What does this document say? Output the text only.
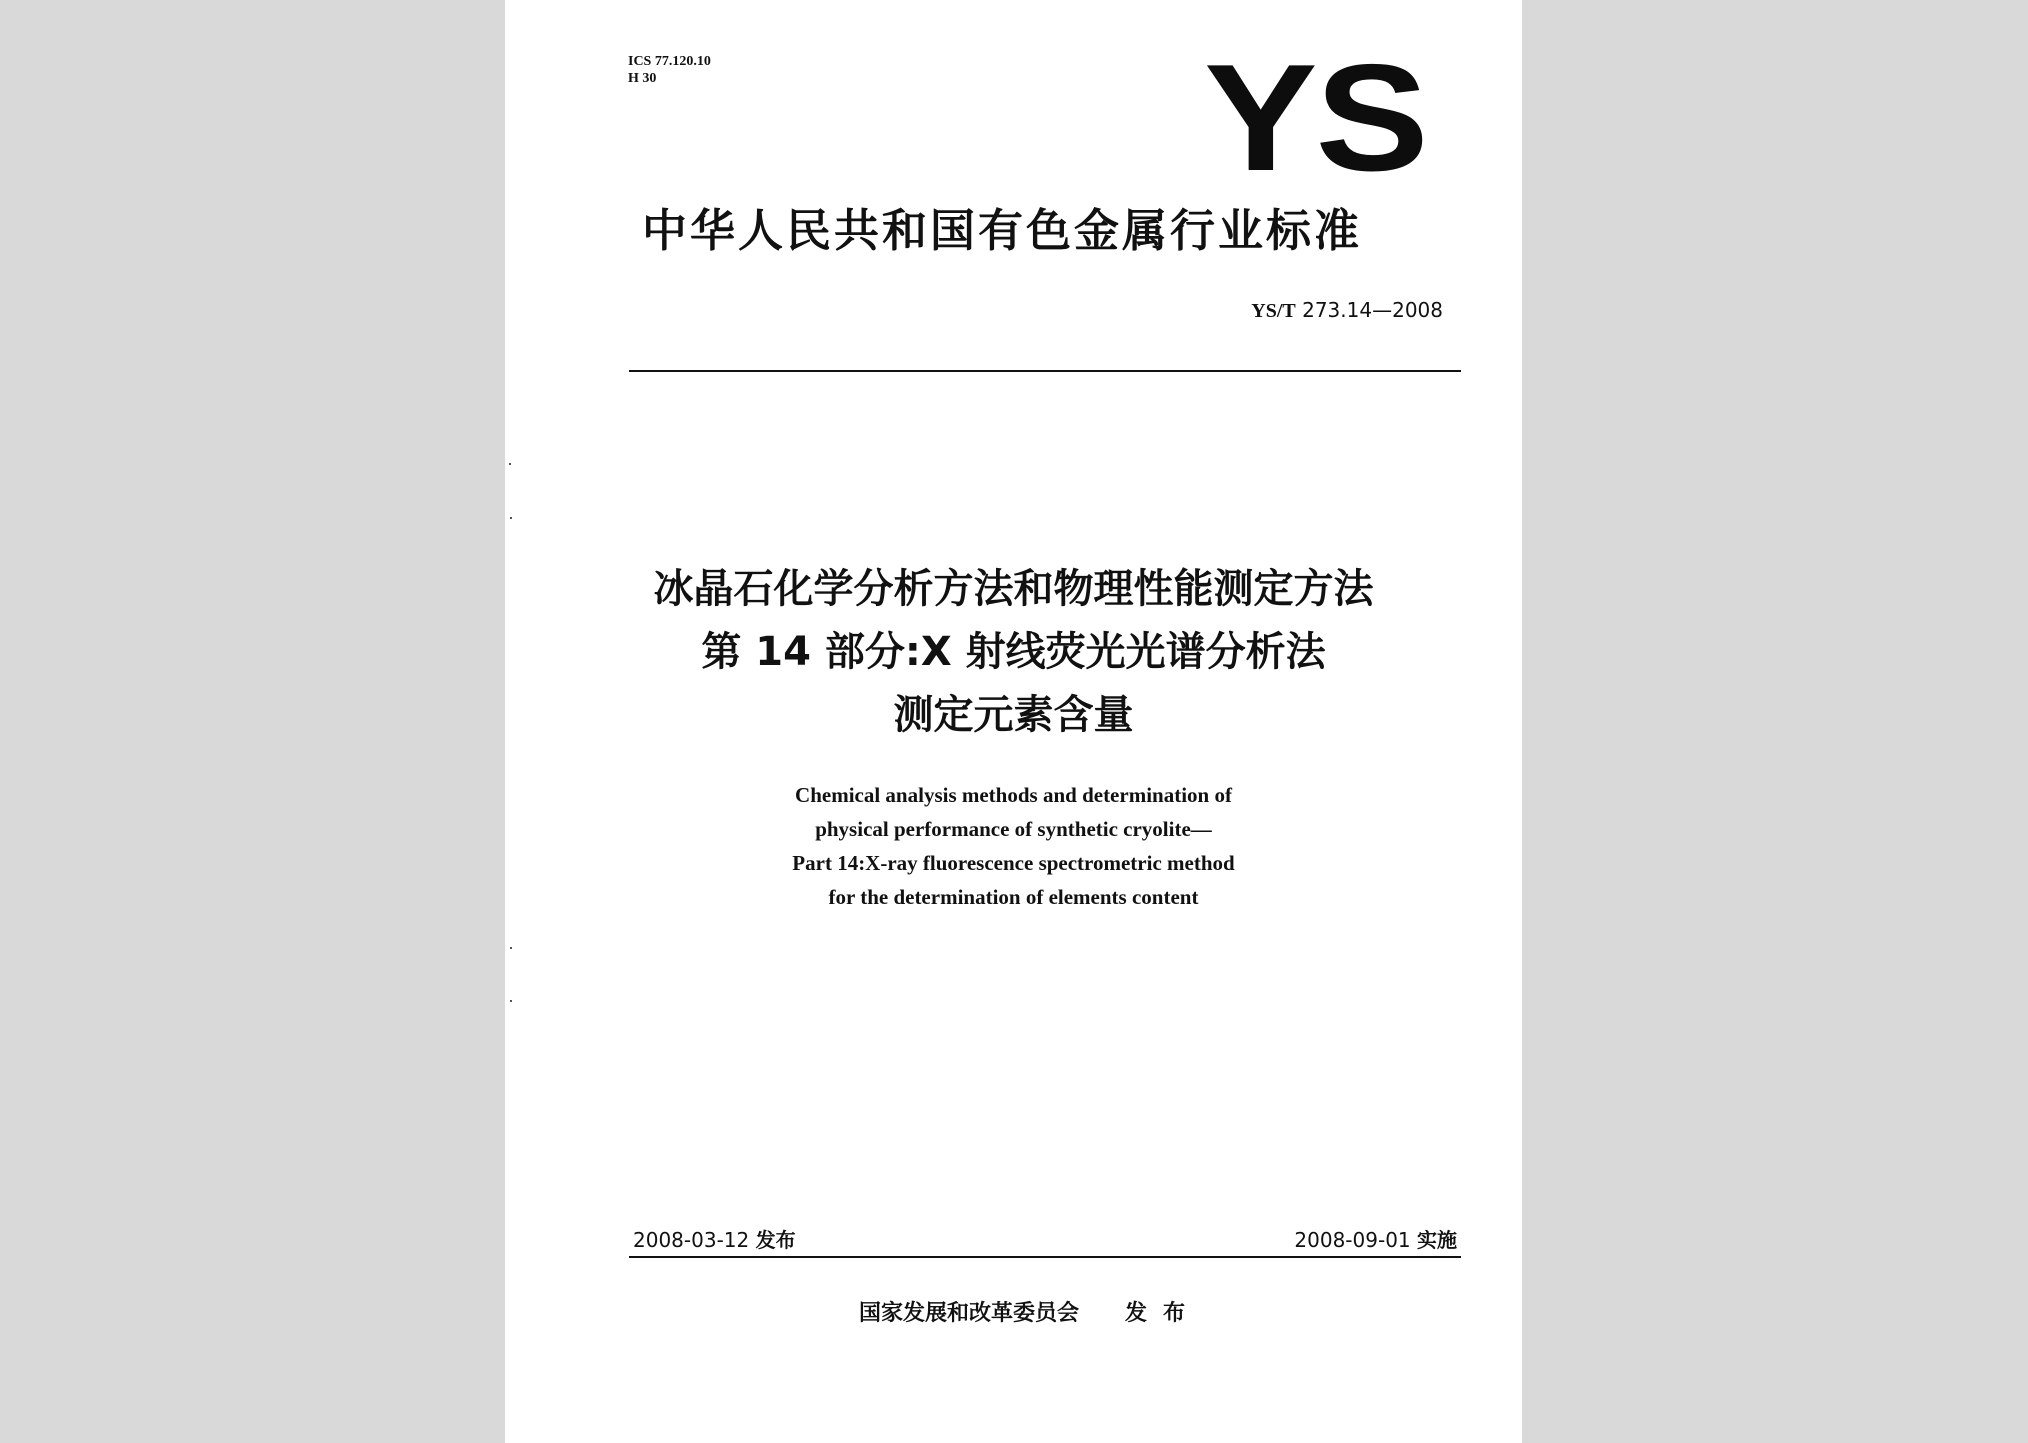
ICS 77.120.10
H 30	YS
中华人民共和国有色金属行业标准
YS/T 273.14—2008
冰晶石化学分析方法和物理性能测定方法
第 14 部分:X 射线荧光光谱分析法
测定元素含量
Chemical analysis methods and determination of
physical performance of synthetic cryolite—
Part 14:X-ray fluorescence spectrometric method
for the determination of elements content
2008-03-12 发布	2008-09-01 实施
国家发展和改革委员会 发布
